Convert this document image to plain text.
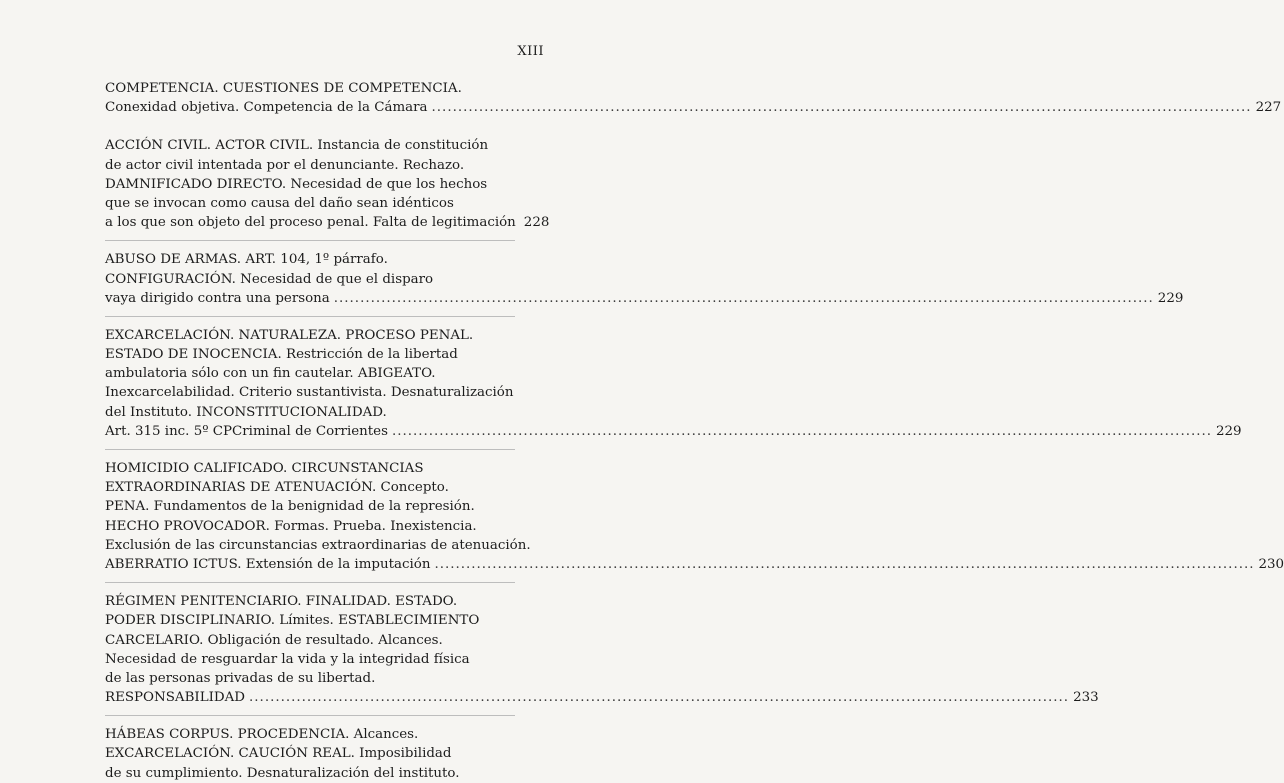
XIII
COMPETENCIA. CUESTIONES DE COMPETENCIA.
Conexidad objetiva. Competencia de la Cámara .....	227
ACCIÓN CIVIL. ACTOR CIVIL. Instancia de constitución
de actor civil intentada por el denunciante. Rechazo.
DAMNIFICADO DIRECTO. Necesidad de que los hechos
que se invocan como causa del daño sean idénticos
a los que son objeto del proceso penal. Falta de legitimación 228
ABUSO DE ARMAS. ART. 104, 1º párrafo.
CONFIGURACIÓN. Necesidad de que el disparo
vaya dirigido contra una persona .....	229
EXCARCELACIÓN. NATURALEZA. PROCESO PENAL.
ESTADO DE INOCENCIA. Restricción de la libertad
ambulatoria sólo con un fin cautelar. ABIGEATO.
Inexcarcelabilidad. Criterio sustantivista. Desnaturalización
del Instituto. INCONSTITUCIONALIDAD.
Art. 315 inc. 5º CPCriminal de Corrientes .....	229
HOMICIDIO CALIFICADO. CIRCUNSTANCIAS
EXTRAORDINARIAS DE ATENUACIÓN. Concepto.
PENA. Fundamentos de la benignidad de la represión.
HECHO PROVOCADOR. Formas. Prueba. Inexistencia.
Exclusión de las circunstancias extraordinarias de atenuación.
ABERRATIO ICTUS. Extensión de la imputación .....	230
RÉGIMEN PENITENCIARIO. FINALIDAD. ESTADO.
PODER DISCIPLINARIO. Límites. ESTABLECIMIENTO
CARCELARIO. Obligación de resultado. Alcances.
Necesidad de resguardar la vida y la integridad física
de las personas privadas de su libertad.
RESPONSABILIDAD .....	233
HÁBEAS CORPUS. PROCEDENCIA. Alcances.
EXCARCELACIÓN. CAUCIÓN REAL. Imposibilidad
de su cumplimiento. Desnaturalización del instituto.
